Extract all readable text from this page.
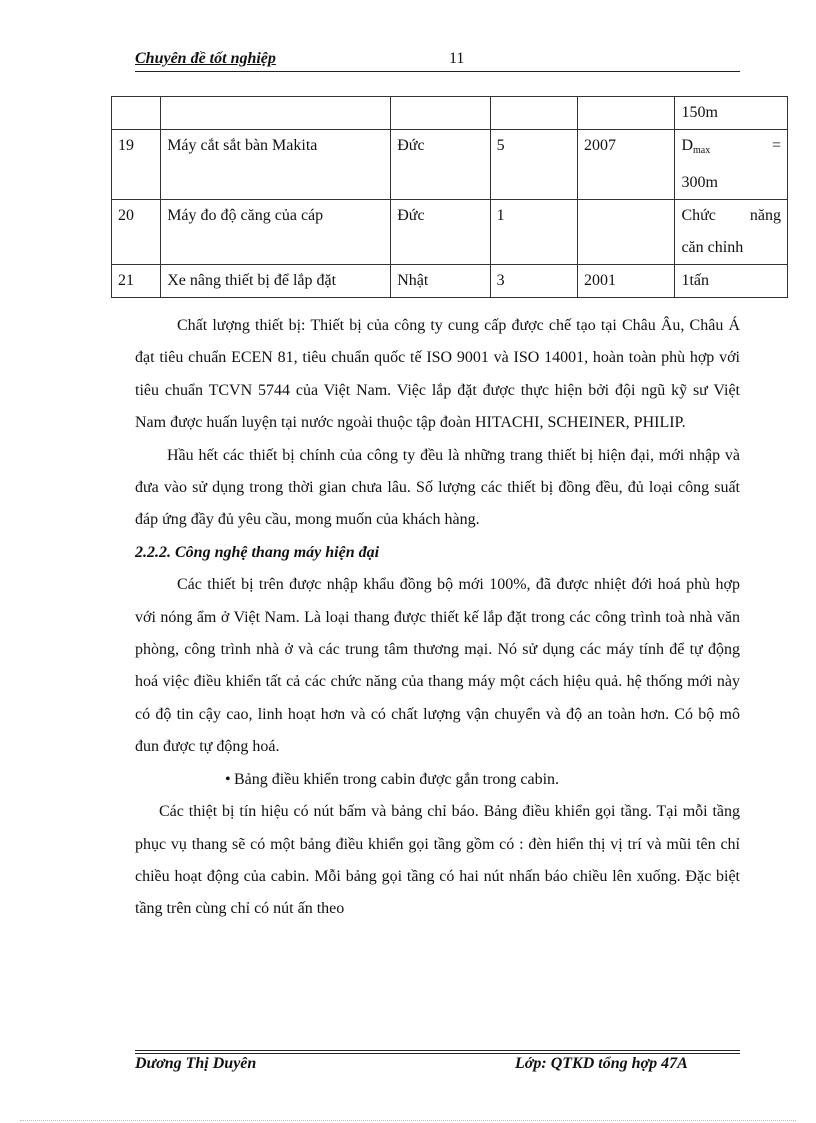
Chuyên đề tốt nghiệp	11
					150m
19	Máy cắt sắt bàn Makita	Đức	5	2007	$D_{max}$ =
300m

20	Máy đo độ căng của cáp	Đức	1		Chức năng
căn chỉnh

21	Xe nâng thiết bị để lắp đặt	Nhật	3	2001	1tấn

Chất lượng thiết bị: Thiết bị của công ty cung cấp được chế tạo tại Châu Âu, Châu Á đạt tiêu chuẩn ECEN 81, tiêu chuẩn quốc tế ISO 9001 và ISO 14001, hoàn toàn phù hợp với tiêu chuẩn TCVN 5744 của Việt Nam. Việc lắp đặt được thực hiện bởi đội ngũ kỹ sư Việt Nam được huấn luyện tại nước ngoài thuộc tập đoàn HITACHI, SCHEINER, PHILIP.

Hầu hết các thiết bị chính của công ty đều là những trang thiết bị hiện đại, mới nhập và đưa vào sử dụng trong thời gian chưa lâu. Số lượng các thiết bị đồng đều, đủ loại công suất đáp ứng đầy đủ yêu cầu, mong muốn của khách hàng.

2.2.2. Công nghệ thang máy hiện đại

Các thiết bị trên được nhập khẩu đồng bộ mới 100%, đã được nhiệt đới hoá phù hợp với nóng ẩm ở Việt Nam. Là loại thang được thiết kế lắp đặt trong các công trình toà nhà văn phòng, công trình nhà ở và các trung tâm thương mại. Nó sử dụng các máy tính để tự động hoá việc điều khiển tất cả các chức năng của thang máy một cách hiệu quả. hệ thống mới này có độ tin cậy cao, linh hoạt hơn và có chất lượng vận chuyển và độ an toàn hơn. Có bộ mô đun được tự động hoá.

• Bảng điều khiển trong cabin được gắn trong cabin.

Các thiệt bị tín hiệu có nút bấm và bảng chỉ báo. Bảng điều khiển gọi tầng. Tại mỗi tầng phục vụ thang sẽ có một bảng điều khiển gọi tầng gồm có : đèn hiển thị vị trí và mũi tên chỉ chiều hoạt động của cabin. Mỗi bảng gọi tầng có hai nút nhấn báo chiều lên xuống. Đặc biệt tầng trên cùng chỉ có nút ấn theo

Dương Thị Duyên	Lớp: QTKD tổng hợp 47A
